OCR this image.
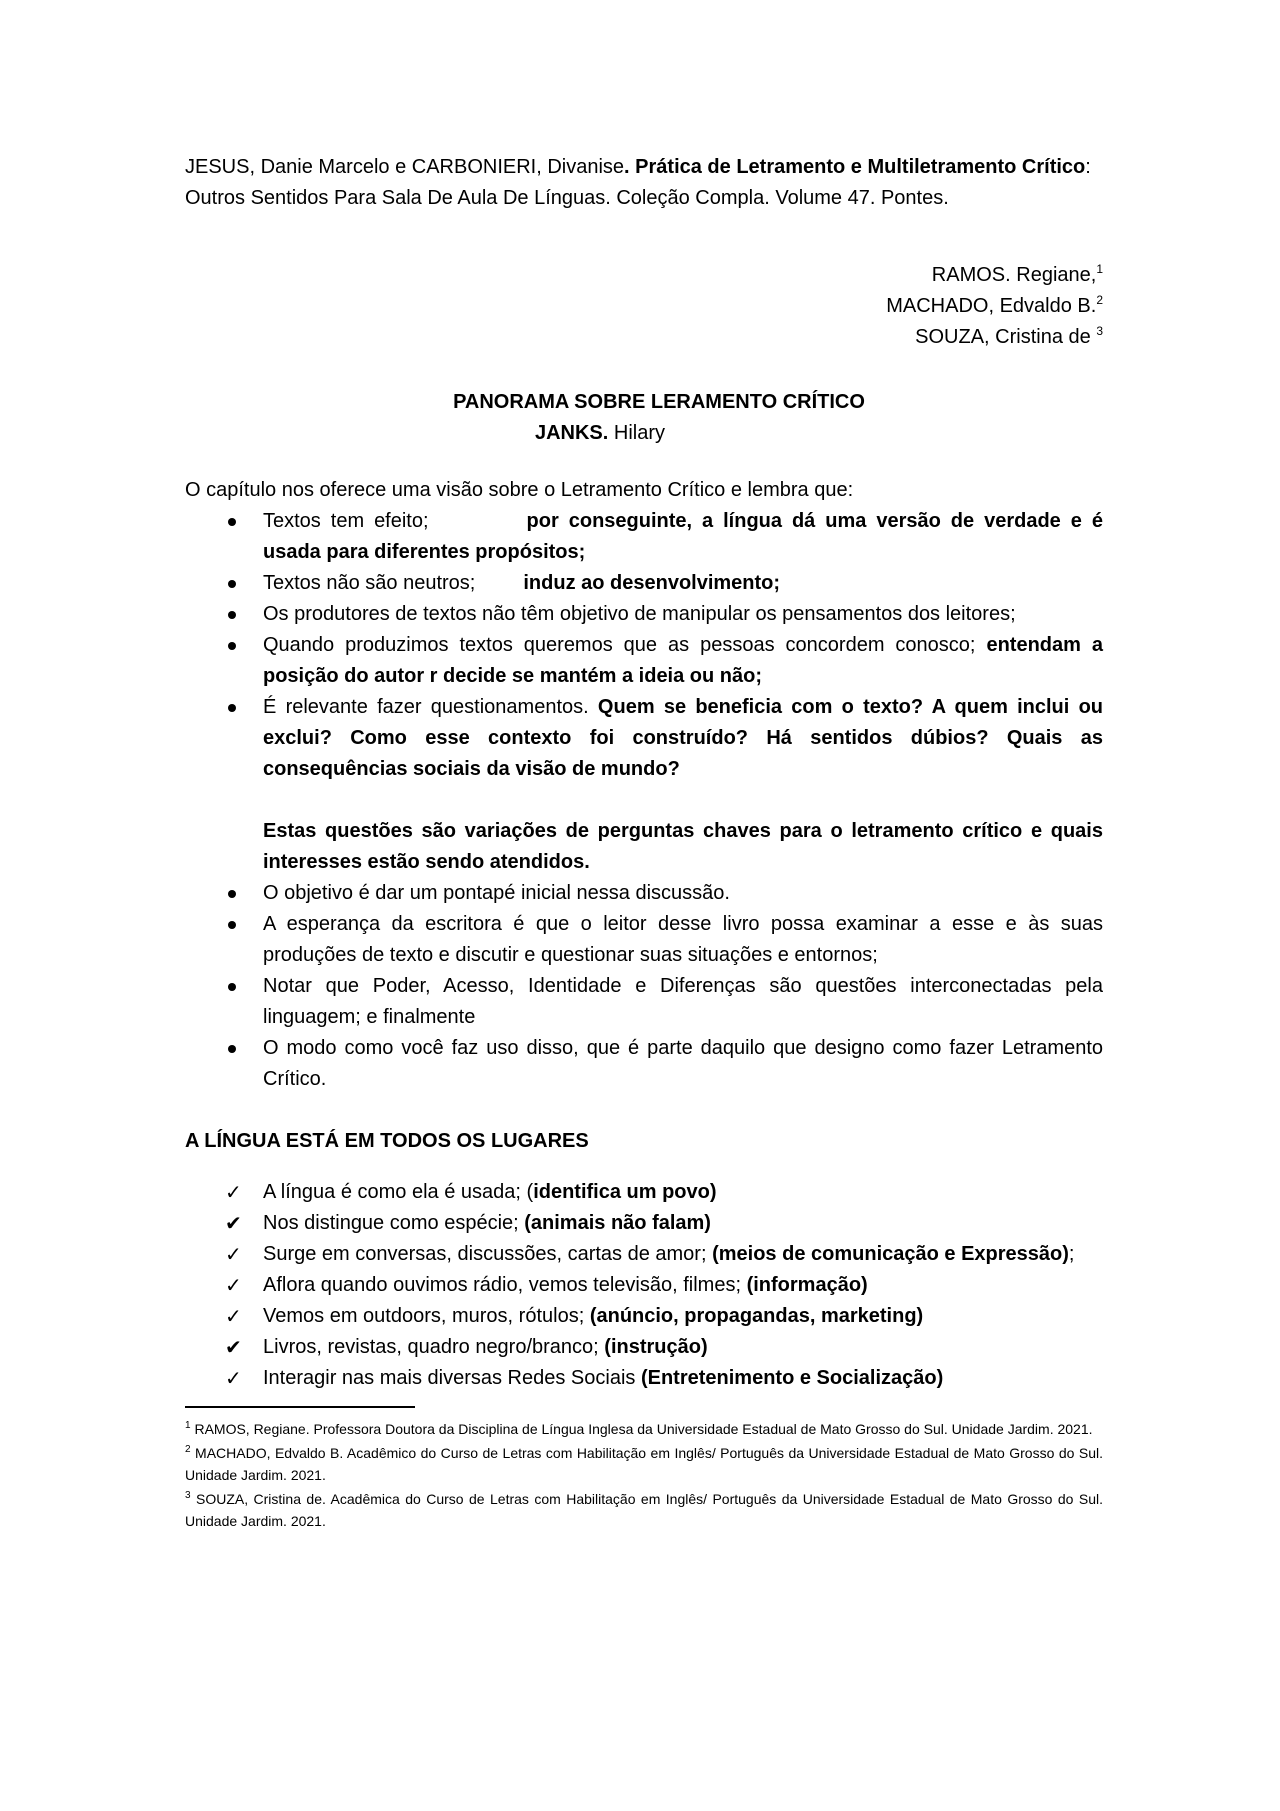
JESUS, Danie Marcelo e CARBONIERI, Divanise. Prática de Letramento e Multiletramento Crítico: Outros Sentidos Para Sala De Aula De Línguas. Coleção Compla. Volume 47. Pontes.

RAMOS. Regiane,$^1$
MACHADO, Edvaldo B.$^2$
SOUZA, Cristina de $^3$

PANORAMA SOBRE LERAMENTO CRÍTICO

JANKS. Hilary

O capítulo nos oferece uma visão sobre o Letramento Crítico e lembra que:

Textos tem efeito;	por conseguinte, a língua dá uma versão de verdade e é usada para diferentes propósitos;
Textos não são neutros; induz ao desenvolvimento;
Os produtores de textos não têm objetivo de manipular os pensamentos dos leitores;
Quando produzimos textos queremos que as pessoas concordem conosco; entendam a posição do autor r decide se mantém a ideia ou não;
É relevante fazer questionamentos. Quem se beneficia com o texto? A quem inclui ou exclui? Como esse contexto foi construído? Há sentidos dúbios? Quais as consequências sociais da visão de mundo?

Estas questões são variações de perguntas chaves para o letramento crítico e quais interesses estão sendo atendidos.

O objetivo é dar um pontapé inicial nessa discussão.
A esperança da escritora é que o leitor desse livro possa examinar a esse e às suas produções de texto e discutir e questionar suas situações e entornos;
Notar que Poder, Acesso, Identidade e Diferenças são questões interconectadas pela linguagem; e finalmente
O modo como você faz uso disso, que é parte daquilo que designo como fazer Letramento Crítico.

A LÍNGUA ESTÁ EM TODOS OS LUGARES

✓ A língua é como ela é usada; (identifica um povo)
✔ Nos distingue como espécie; (animais não falam)
✓ Surge em conversas, discussões, cartas de amor; (meios de comunicação e Expressão);
✓ Aflora quando ouvimos rádio, vemos televisão, filmes; (informação)
✓ Vemos em outdoors, muros, rótulos; (anúncio, propagandas, marketing)
✔ Livros, revistas, quadro negro/branco; (instrução)
✓ Interagir nas mais diversas Redes Sociais (Entretenimento e Socialização)

$^1$ RAMOS, Regiane. Professora Doutora da Disciplina de Língua Inglesa da Universidade Estadual de Mato Grosso do Sul. Unidade Jardim. 2021.

$^2$ MACHADO, Edvaldo B. Acadêmico do Curso de Letras com Habilitação em Inglês/ Português da Universidade Estadual de Mato Grosso do Sul. Unidade Jardim. 2021.

$^3$ SOUZA, Cristina de. Acadêmica do Curso de Letras com Habilitação em Inglês/ Português da Universidade Estadual de Mato Grosso do Sul. Unidade Jardim. 2021.
